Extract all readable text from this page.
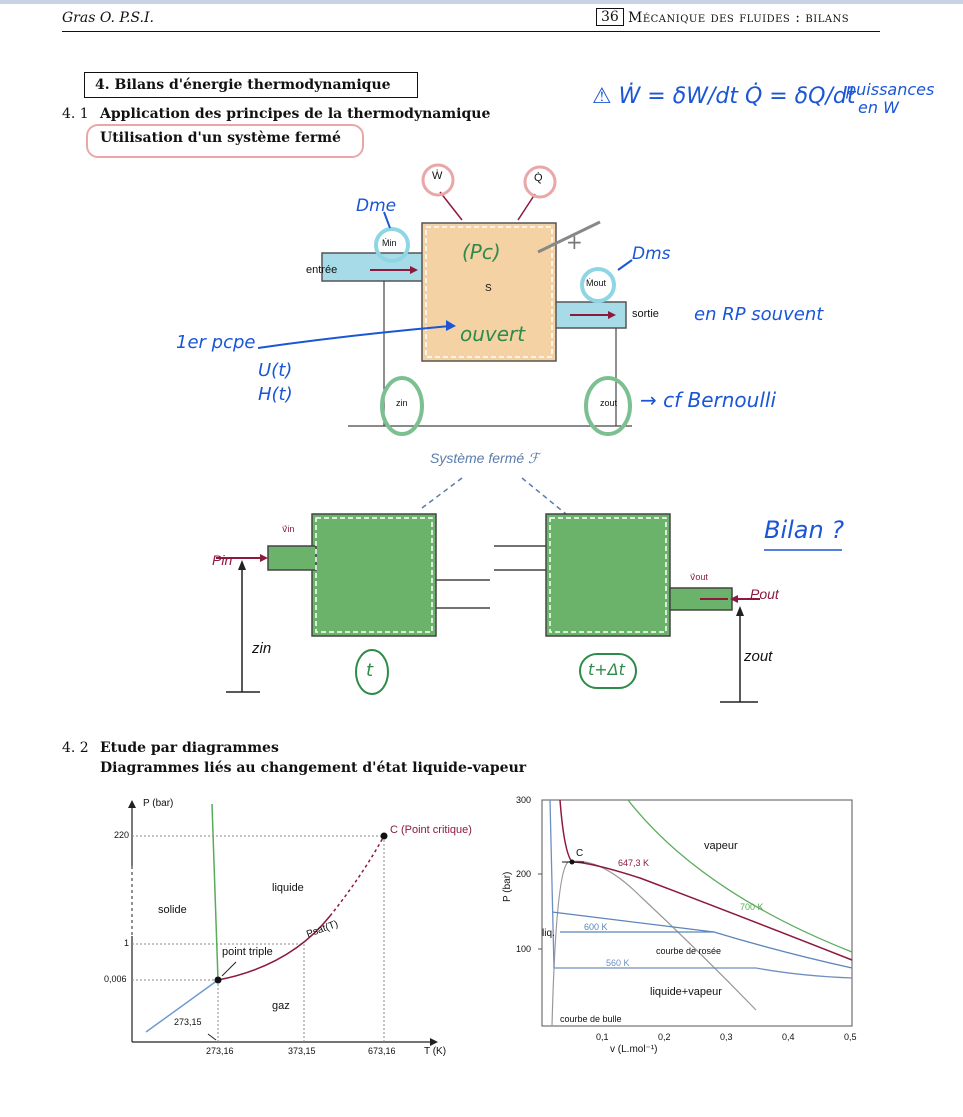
Gras O. P.S.I.	36 Mécanique des fluides : bilans
4. Bilans d'énergie thermodynamique
4. 1 Application des principes de la thermodynamique
Utilisation d'un système fermé
⚠ Ẇ = δW/dt Q̇ = δQ/dt
puissances
en W
Ẇ	Q̇
Ṁin
Ṁout
entrée
sortie
S
zin	zout
Dme
Dms
(Pc)	+
ouvert
1er pcpe
U(t)
H(t)
en RP souvent
→ cf Bernoulli
Système fermé ℱ
Pin
v⃗in
v⃗out
Pout
zin	zout
t	t+Δt
Bilan ?
4. 2 Etude par diagrammes
Diagrammes liés au changement d'état liquide-vapeur
P (bar)
T (K)
220
1
0,006
273,16	373,15	673,16
273,15
C (Point critique)
solide
liquide
gaz
point triple
Psat(T)
P (bar)
v (L.mol⁻¹)
300
200
100
0,1	0,2	0,3	0,4	0,5
vapeur
C
647,3 K
700 K
600 K
560 K
liq.
courbe de rosée
liquide+vapeur
courbe de bulle
